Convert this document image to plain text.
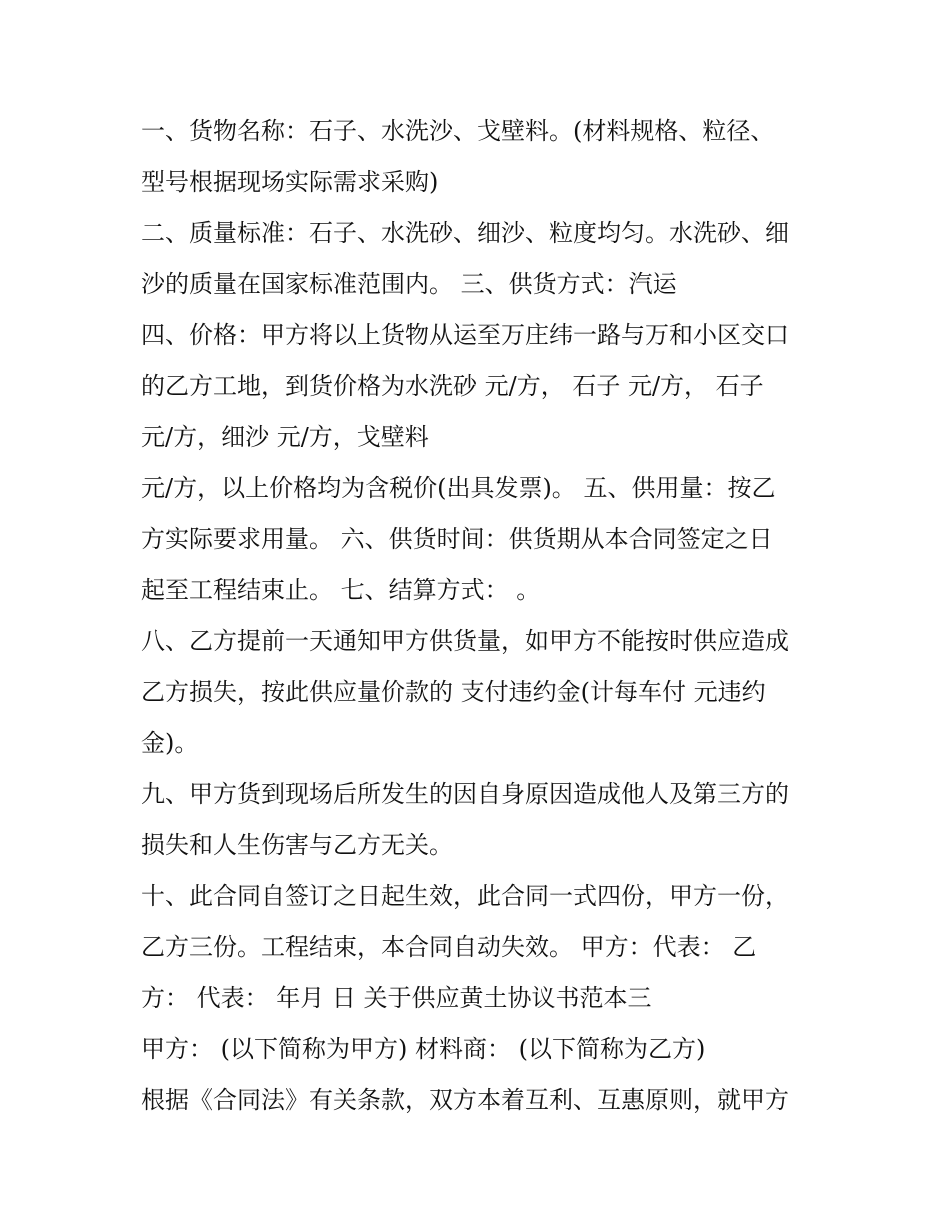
一、货物名称：石子、水洗沙、戈壁料。(材料规格、粒径、
型号根据现场实际需求采购)
二、质量标准：石子、水洗砂、细沙、粒度均匀。水洗砂、细
沙的质量在国家标准范围内。 三、供货方式：汽运
四、价格：甲方将以上货物从运至万庄纬一路与万和小区交口
的乙方工地，到货价格为水洗砂 元/方， 石子 元/方， 石子
元/方，细沙 元/方，戈壁料
元/方，以上价格均为含税价(出具发票)。 五、供用量：按乙
方实际要求用量。 六、供货时间：供货期从本合同签定之日
起至工程结束止。 七、结算方式： 。
八、乙方提前一天通知甲方供货量，如甲方不能按时供应造成
乙方损失，按此供应量价款的 支付违约金(计每车付 元违约
金)。
九、甲方货到现场后所发生的因自身原因造成他人及第三方的
损失和人生伤害与乙方无关。
十、此合同自签订之日起生效，此合同一式四份，甲方一份，
乙方三份。工程结束，本合同自动失效。 甲方：代表： 乙
方： 代表： 年月 日 关于供应黄土协议书范本三
甲方： (以下简称为甲方) 材料商： (以下简称为乙方)
根据《合同法》有关条款，双方本着互利、互惠原则，就甲方
